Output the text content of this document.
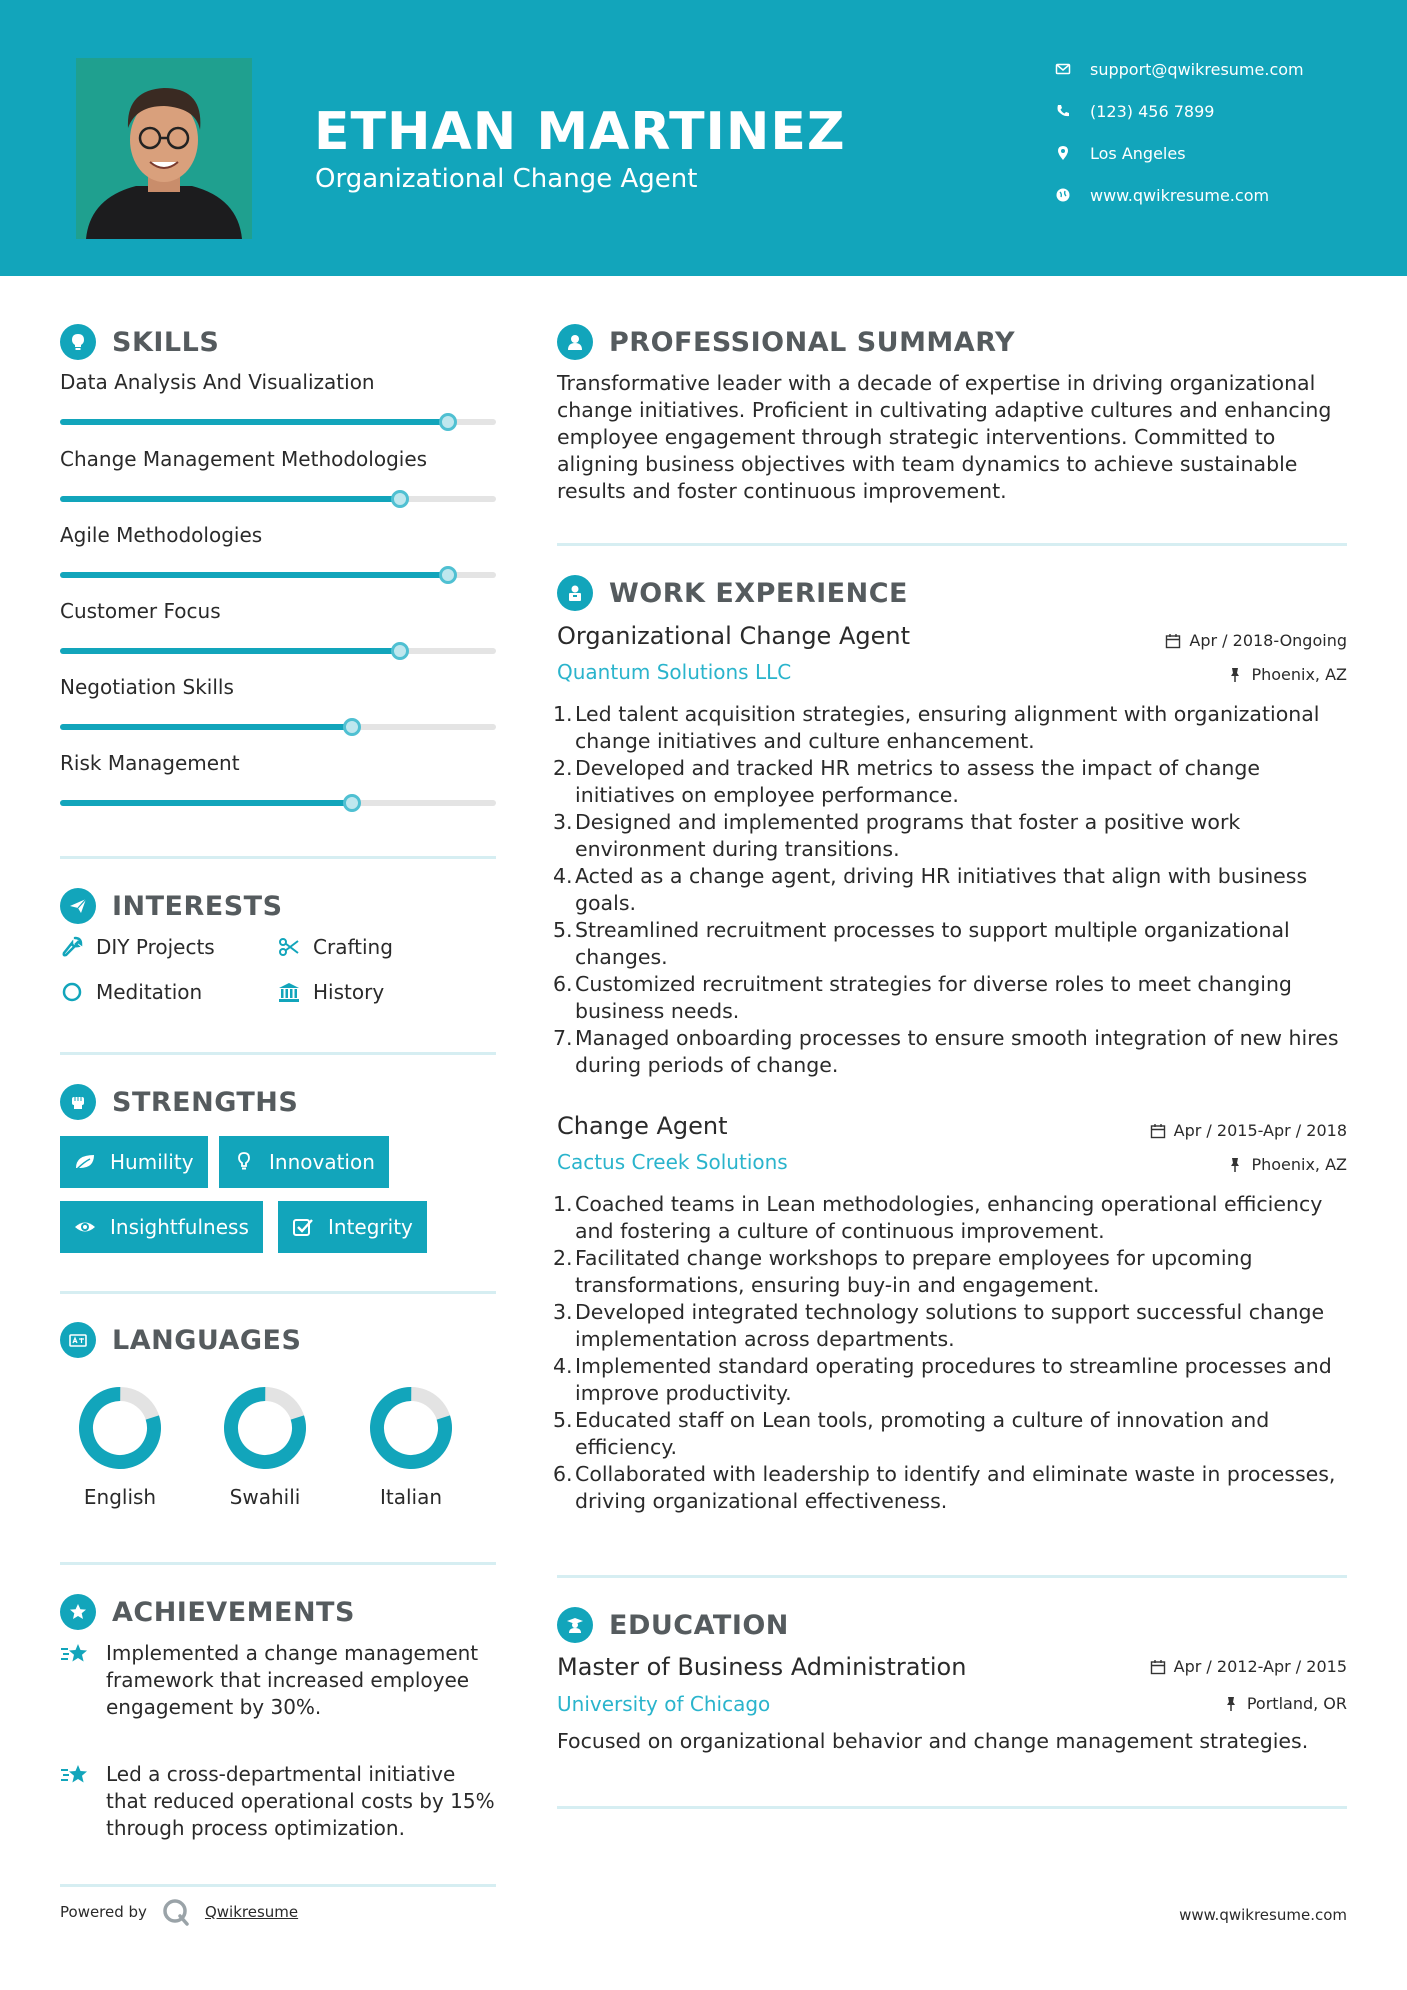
ETHAN MARTINEZ
Organizational Change Agent
support@qwikresume.com
(123) 456 7899
Los Angeles
www.qwikresume.com
SKILLS
Data Analysis And Visualization
Change Management Methodologies
Agile Methodologies
Customer Focus
Negotiation Skills
Risk Management
INTERESTS
DIY Projects	Crafting
Meditation	History
STRENGTHS
Humility	Innovation
Insightfulness	Integrity
LANGUAGES
English	Swahili	Italian
ACHIEVEMENTS
Implemented a change management framework that increased employee engagement by 30%.
Led a cross-departmental initiative that reduced operational costs by 15% through process optimization.
PROFESSIONAL SUMMARY
Transformative leader with a decade of expertise in driving organizational change initiatives. Proficient in cultivating adaptive cultures and enhancing employee engagement through strategic interventions. Committed to aligning business objectives with team dynamics to achieve sustainable results and foster continuous improvement.
WORK EXPERIENCE
Organizational Change Agent	Apr / 2018-Ongoing
Quantum Solutions LLC	Phoenix, AZ
Led talent acquisition strategies, ensuring alignment with organizational change initiatives and culture enhancement.
Developed and tracked HR metrics to assess the impact of change initiatives on employee performance.
Designed and implemented programs that foster a positive work environment during transitions.
Acted as a change agent, driving HR initiatives that align with business goals.
Streamlined recruitment processes to support multiple organizational changes.
Customized recruitment strategies for diverse roles to meet changing business needs.
Managed onboarding processes to ensure smooth integration of new hires during periods of change.
Change Agent	Apr / 2015-Apr / 2018
Cactus Creek Solutions	Phoenix, AZ
Coached teams in Lean methodologies, enhancing operational efficiency and fostering a culture of continuous improvement.
Facilitated change workshops to prepare employees for upcoming transformations, ensuring buy-in and engagement.
Developed integrated technology solutions to support successful change implementation across departments.
Implemented standard operating procedures to streamline processes and improve productivity.
Educated staff on Lean tools, promoting a culture of innovation and efficiency.
Collaborated with leadership to identify and eliminate waste in processes, driving organizational effectiveness.
EDUCATION
Master of Business Administration	Apr / 2012-Apr / 2015
University of Chicago	Portland, OR
Focused on organizational behavior and change management strategies.
Powered by	Qwikresume	www.qwikresume.com
